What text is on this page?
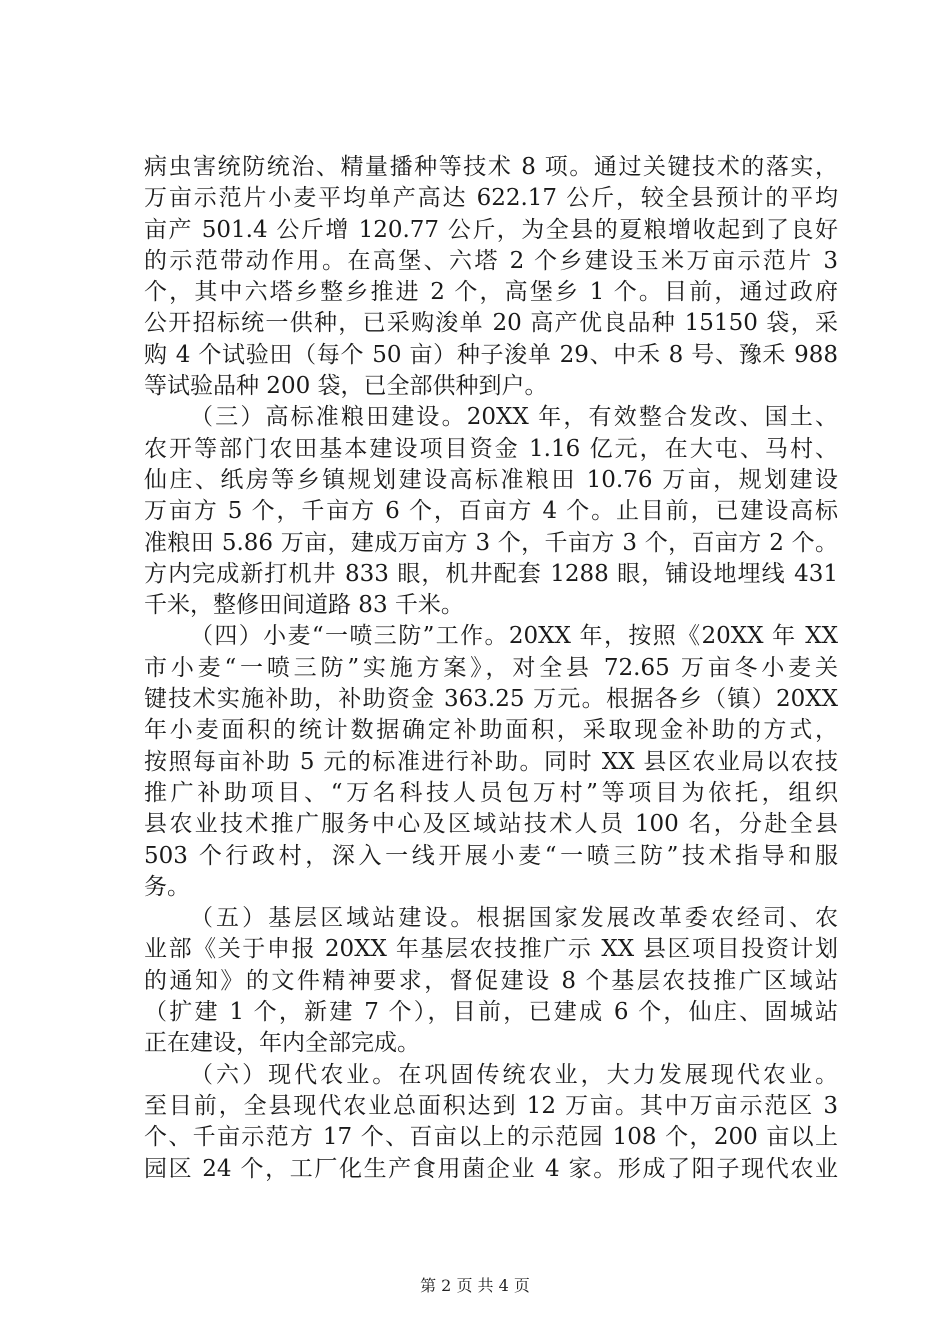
病虫害统防统治、精量播种等技术 8 项。通过关键技术的落实，
万亩示范片小麦平均单产高达 622.17 公斤，较全县预计的平均
亩产 501.4 公斤增 120.77 公斤，为全县的夏粮增收起到了良好
的示范带动作用。在高堡、六塔 2 个乡建设玉米万亩示范片 3
个，其中六塔乡整乡推进 2 个，高堡乡 1 个。目前，通过政府
公开招标统一供种，已采购浚单 20 高产优良品种 15150 袋，采
购 4 个试验田（每个 50 亩）种子浚单 29、中禾 8 号、豫禾 988
等试验品种 200 袋，已全部供种到户。
（三）高标准粮田建设。20XX 年，有效整合发改、国土、
农开等部门农田基本建设项目资金 1.16 亿元，在大屯、马村、
仙庄、纸房等乡镇规划建设高标准粮田 10.76 万亩，规划建设
万亩方 5 个，千亩方 6 个，百亩方 4 个。止目前，已建设高标
准粮田 5.86 万亩，建成万亩方 3 个，千亩方 3 个，百亩方 2 个。
方内完成新打机井 833 眼，机井配套 1288 眼，铺设地埋线 431
千米，整修田间道路 83 千米。
（四）小麦“一喷三防”工作。20XX 年，按照《20XX 年 XX
市小麦“一喷三防”实施方案》，对全县 72.65 万亩冬小麦关
键技术实施补助，补助资金 363.25 万元。根据各乡（镇）20XX
年小麦面积的统计数据确定补助面积，采取现金补助的方式，
按照每亩补助 5 元的标准进行补助。同时 XX 县区农业局以农技
推广补助项目、“万名科技人员包万村”等项目为依托，组织
县农业技术推广服务中心及区域站技术人员 100 名，分赴全县
503 个行政村，深入一线开展小麦“一喷三防”技术指导和服
务。
（五）基层区域站建设。根据国家发展改革委农经司、农
业部《关于申报 20XX 年基层农技推广示 XX 县区项目投资计划
的通知》的文件精神要求，督促建设 8 个基层农技推广区域站
（扩建 1 个，新建 7 个），目前，已建成 6 个，仙庄、固城站
正在建设，年内全部完成。
（六）现代农业。在巩固传统农业，大力发展现代农业。
至目前，全县现代农业总面积达到 12 万亩。其中万亩示范区 3
个、千亩示范方 17 个、百亩以上的示范园 108 个，200 亩以上
园区 24 个，工厂化生产食用菌企业 4 家。形成了阳子现代农业
第 2 页 共 4 页
